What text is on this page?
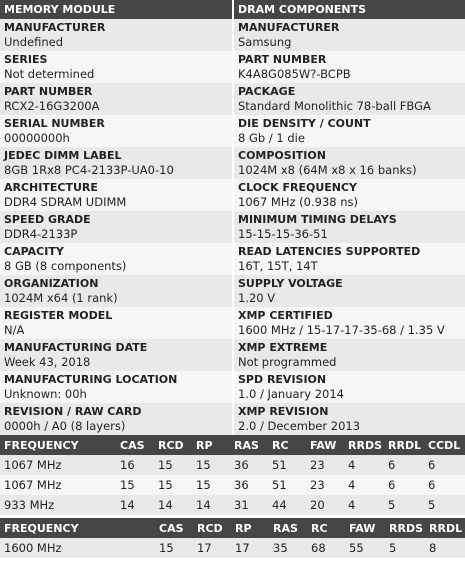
MEMORY MODULE
MANUFACTURER
Undefined
SERIES
Not determined
PART NUMBER
RCX2-16G3200A
SERIAL NUMBER
00000000h
JEDEC DIMM LABEL
8GB 1Rx8 PC4-2133P-UA0-10
ARCHITECTURE
DDR4 SDRAM UDIMM
SPEED GRADE
DDR4-2133P
CAPACITY
8 GB (8 components)
ORGANIZATION
1024M x64 (1 rank)
REGISTER MODEL
N/A
MANUFACTURING DATE
Week 43, 2018
MANUFACTURING LOCATION
Unknown: 00h
REVISION / RAW CARD
0000h / A0 (8 layers)
DRAM COMPONENTS
MANUFACTURER
Samsung
PART NUMBER
K4A8G085W?-BCPB
PACKAGE
Standard Monolithic 78-ball FBGA
DIE DENSITY / COUNT
8 Gb / 1 die
COMPOSITION
1024M x8 (64M x8 x 16 banks)
CLOCK FREQUENCY
1067 MHz (0.938 ns)
MINIMUM TIMING DELAYS
15-15-15-36-51
READ LATENCIES SUPPORTED
16T, 15T, 14T
SUPPLY VOLTAGE
1.20 V
XMP CERTIFIED
1600 MHz / 15-17-17-35-68 / 1.35 V
XMP EXTREME
Not programmed
SPD REVISION
1.0 / January 2014
XMP REVISION
2.0 / December 2013
FREQUENCY	CAS	RCD	RP	RAS	RC	FAW	RRDS	RRDL	CCDL
1067 MHz	16	15	15	36	51	23	4	6	6
1067 MHz	15	15	15	36	51	23	4	6	6
933 MHz	14	14	14	31	44	20	4	5	5
FREQUENCY	CAS	RCD	RP	RAS	RC	FAW	RRDS	RRDL
1600 MHz	15	17	17	35	68	55	5	8
